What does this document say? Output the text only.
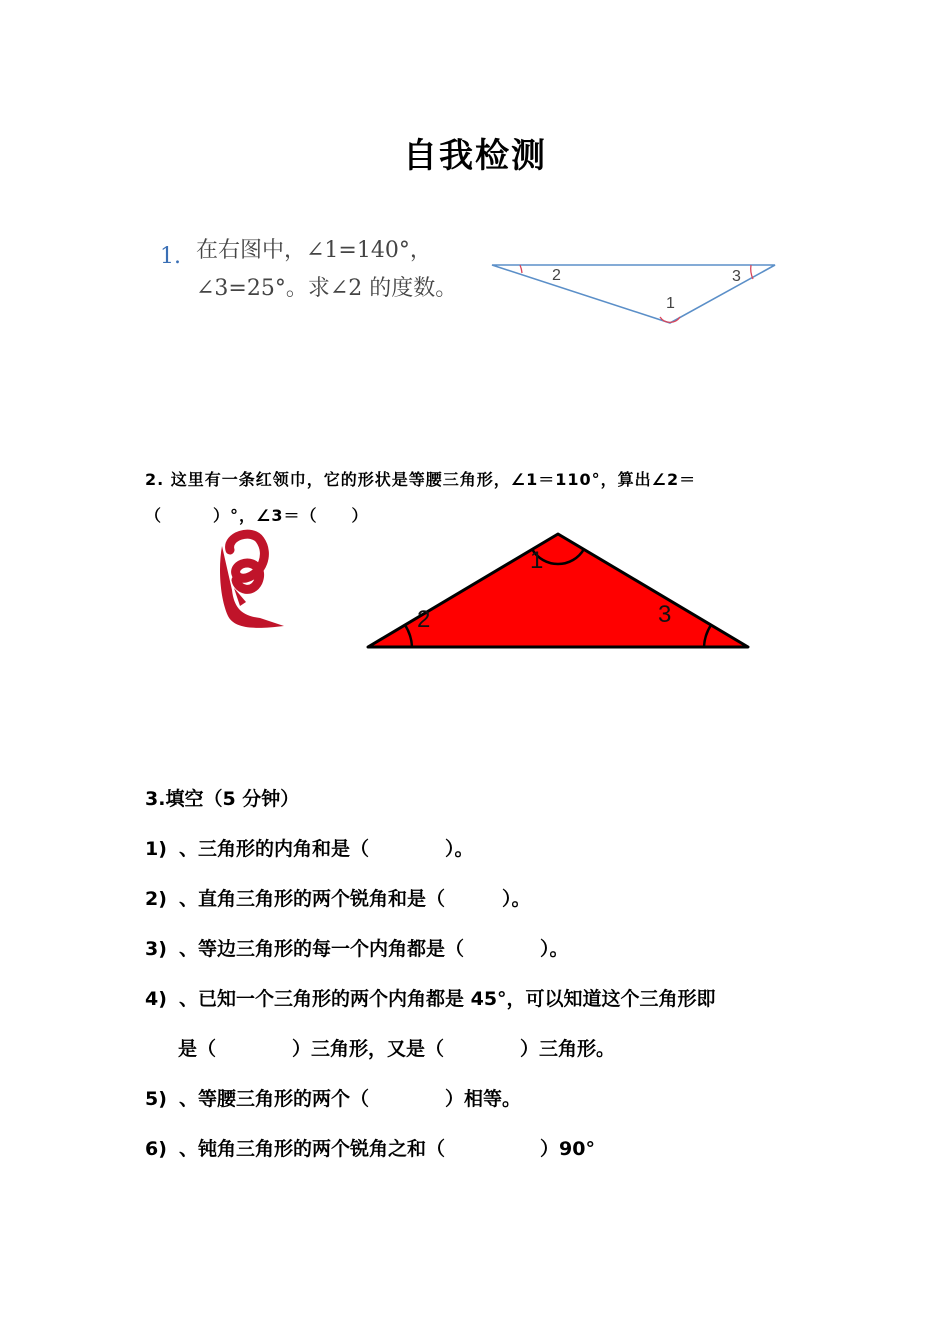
自我检测
1. 在右图中，∠1=140°，
∠3=25°。求∠2 的度数。
2	3
1
2. 这里有一条红领巾，它的形状是等腰三角形，∠1＝110°，算出∠2＝
（　　　）°，∠3＝（　　）
1
2	3
3.填空（5 分钟）
1) 、三角形的内角和是（　　　　）。
2) 、直角三角形的两个锐角和是（　　　）。
3) 、等边三角形的每一个内角都是（　　　　）。
4) 、已知一个三角形的两个内角都是 45°，可以知道这个三角形即
是（　　　　）三角形，又是（　　　　）三角形。
5) 、等腰三角形的两个（　　　　）相等。
6) 、钝角三角形的两个锐角之和（　　　　　）90°
